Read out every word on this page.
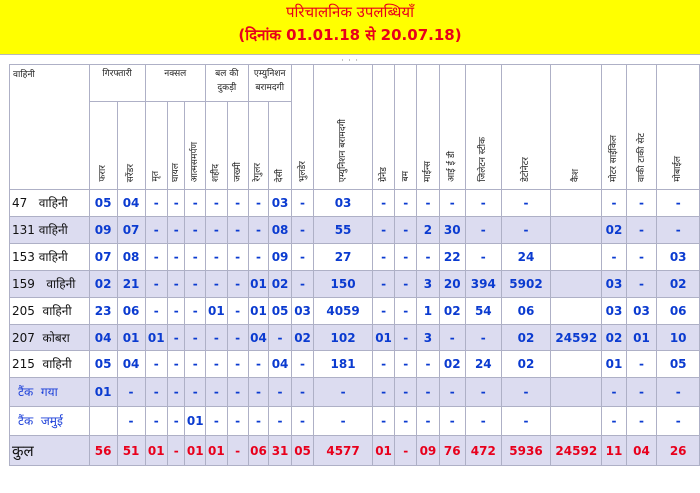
परिचालनिक उपलब्धियाँ
(दिनांक 01.01.18 से 20.07.18)
· · ·
वाहिनी	गिरफ्तारी		नक्सल			बल की दुकड़ी		एम्युनिशन बरामदगी		भुलडेर	एम्युनिशन बरामदगी	ग्रेनेड	बम	माईन्स	आई ई डी	जिलेटन स्टीक	डेटोनेटर	कैश	मोटर साईकिल	वाकी टाकी सेट	मोबाईल
	फरार	सरेंडर	मृत	घायल	आत्मसमर्पण	शहीद	जख्मी	रेगुलर	देसी												
47   वाहिनी	05	04	-	-	-	-	-	-	03	-	03	-	-	-	-	-	-		-	-	-
131 वाहिनी	09	07	-	-	-	-	-	-	08	-	55	-	-	2	30	-	-		02	-	-
153 वाहिनी	07	08	-	-	-	-	-	-	09	-	27	-	-	-	22	-	24		-	-	03
159   वाहिनी	02	21	-	-	-	-	-	01	02	-	150	-	-	3	20	394	5902		03	-	02
205  वाहिनी	23	06	-	-	-	01	-	01	05	03	4059	-	-	1	02	54	06		03	03	06
207  कोबरा	04	01	01	-	-	-	-	04	-	02	102	01	-	3	-	-	02	24592	02	01	10
215  वाहिनी	05	04	-	-	-	-	-	-	04	-	181	-	-	-	02	24	02		01	-	05
टैंक  गया	01	-	-	-	-	-	-	-	-	-	-	-	-	-	-	-	-		-	-	-
टैंक  जमुई		-	-	-	01	-	-	-	-	-	-	-	-	-	-	-	-		-	-	-
कुल	56	51	01	-	01	01	-	06	31	05	4577	01	-	09	76	472	5936	24592	11	04	26
